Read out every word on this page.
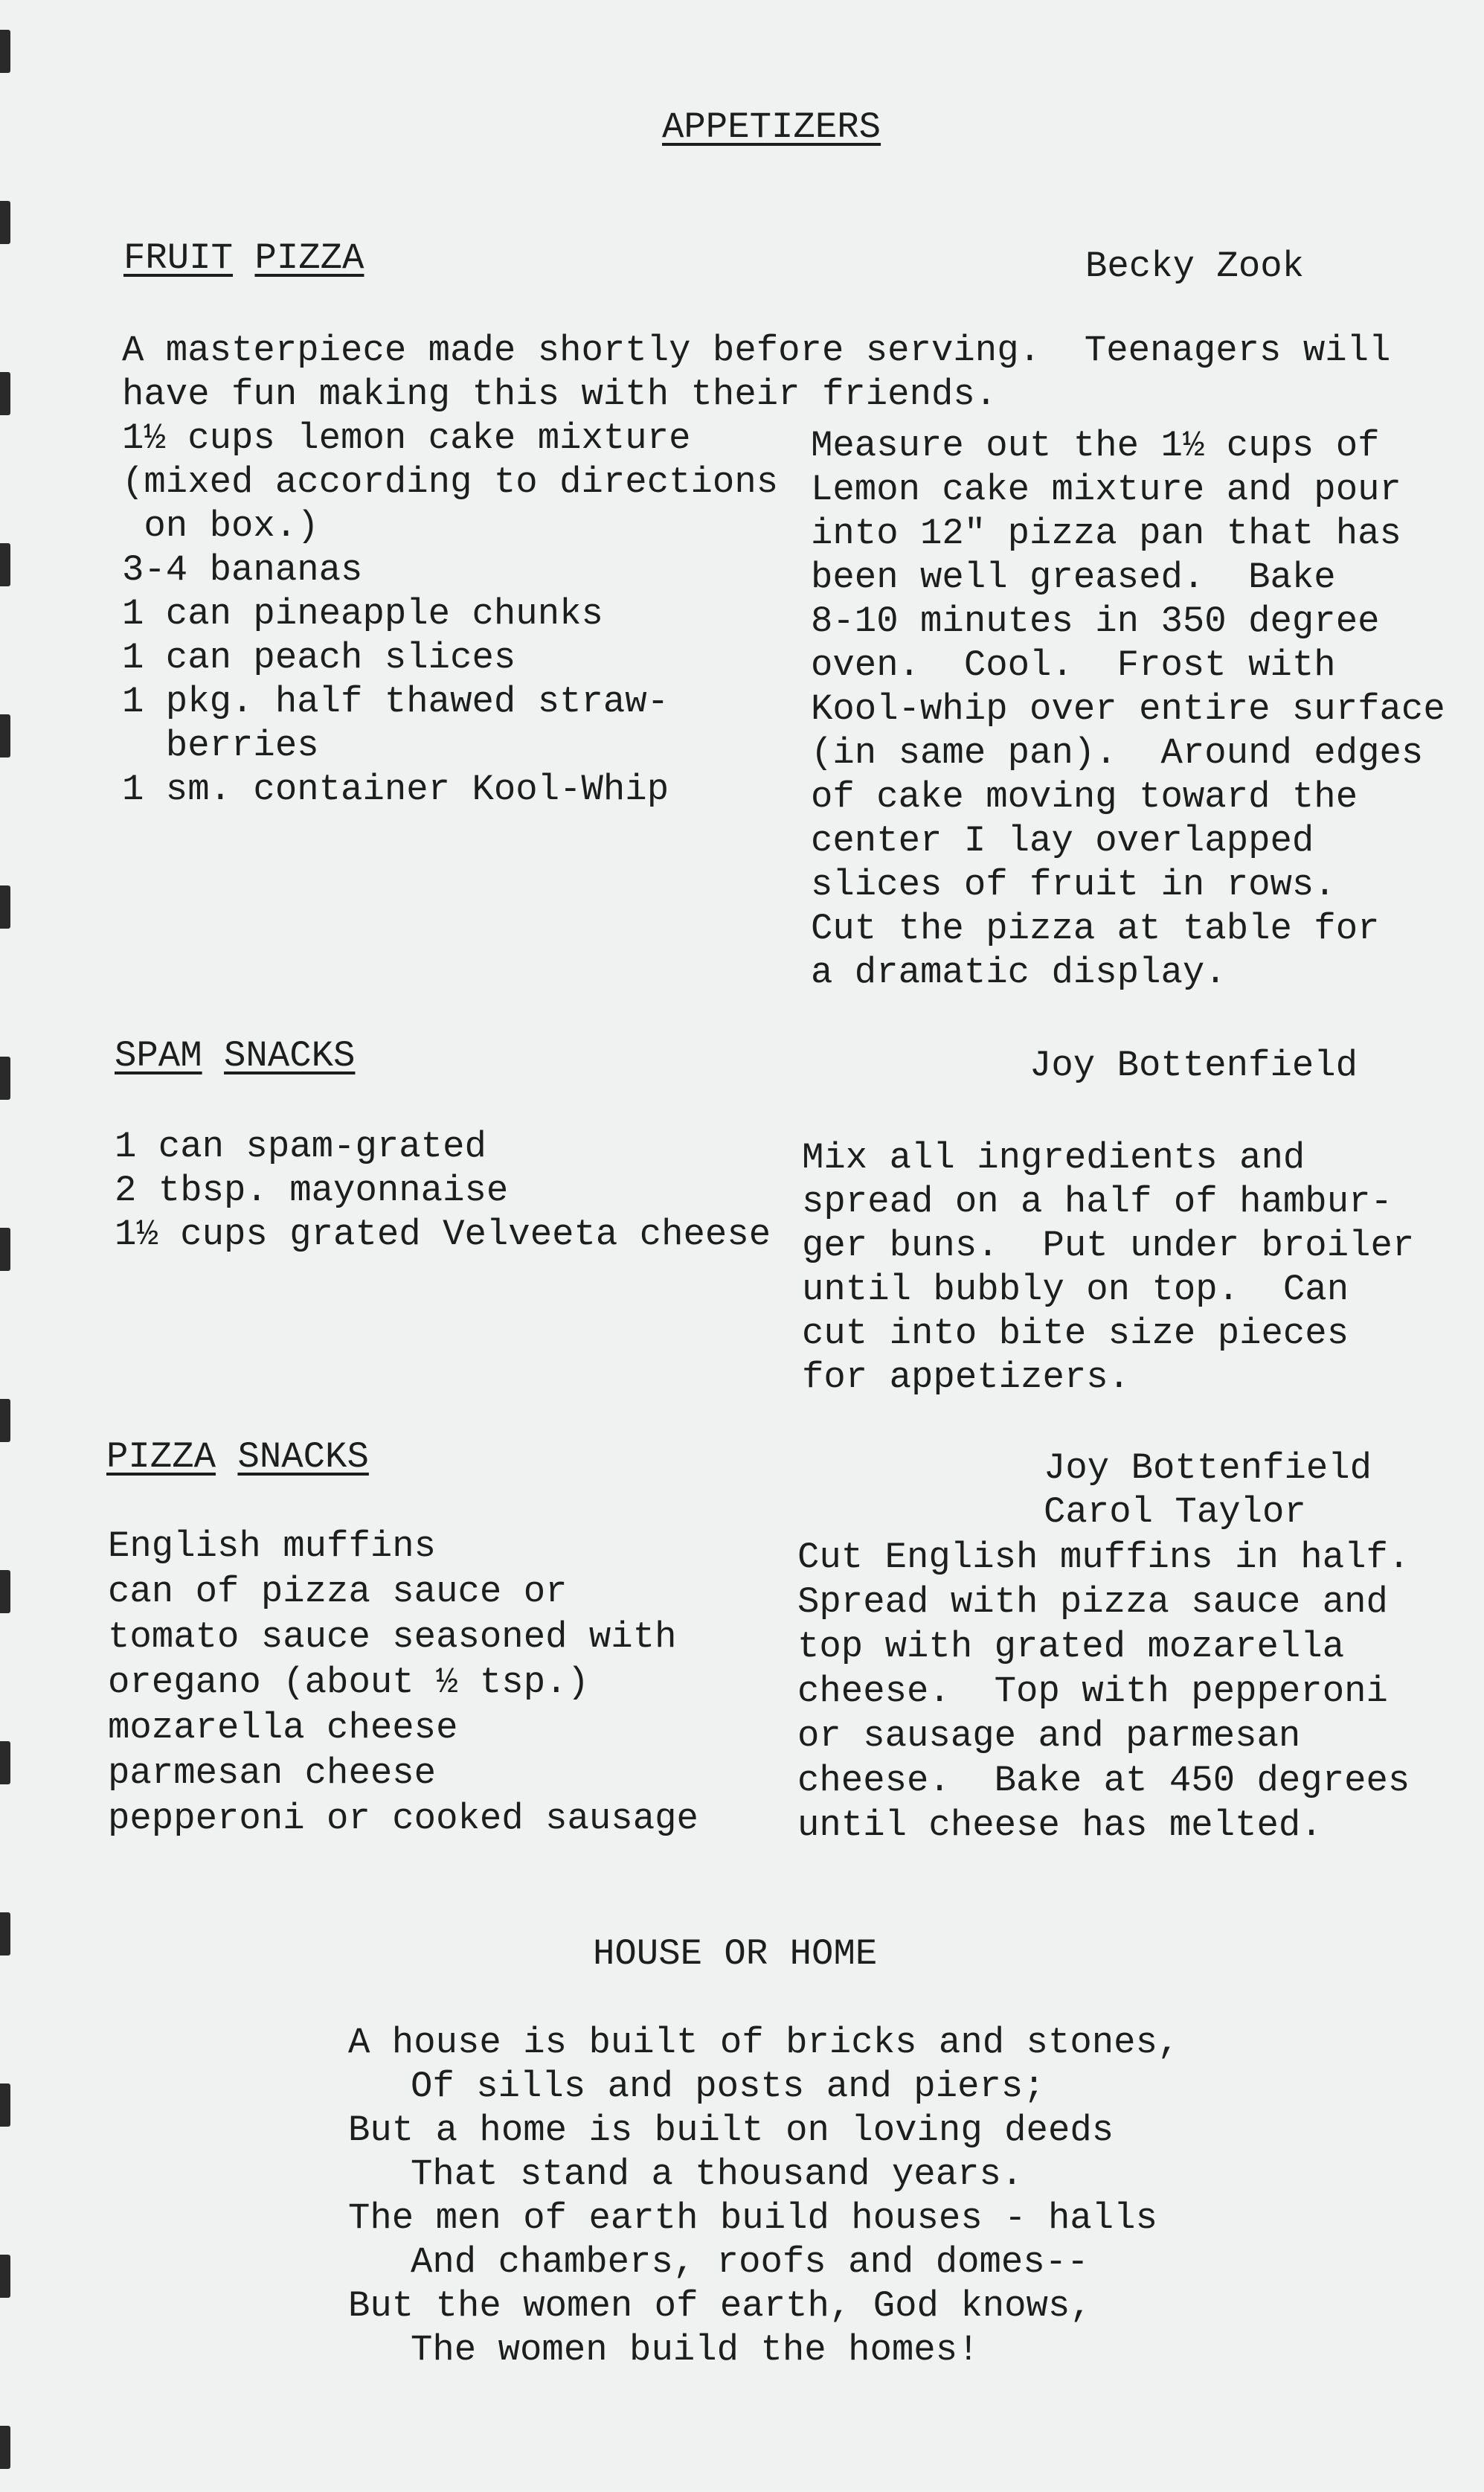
APPETIZERS
FRUIT PIZZA	Becky Zook
A masterpiece made shortly before serving.  Teenagers will
have fun making this with their friends.
1½ cups lemon cake mixture
(mixed according to directions
on box.)
3-4 bananas
1 can pineapple chunks
1 can peach slices
1 pkg. half thawed straw-
berries
1 sm. container Kool-Whip
Measure out the 1½ cups of
Lemon cake mixture and pour
into 12" pizza pan that has
been well greased.  Bake
8-10 minutes in 350 degree
oven.  Cool.  Frost with
Kool-whip over entire surface
(in same pan).  Around edges
of cake moving toward the
center I lay overlapped
slices of fruit in rows.
Cut the pizza at table for
a dramatic display.
SPAM SNACKS	Joy Bottenfield
1 can spam-grated
2 tbsp. mayonnaise
1½ cups grated Velveeta cheese
Mix all ingredients and
spread on a half of hambur-
ger buns.  Put under broiler
until bubbly on top.  Can
cut into bite size pieces
for appetizers.
PIZZA SNACKS	Joy Bottenfield
Carol Taylor
English muffins
can of pizza sauce or
tomato sauce seasoned with
oregano (about ½ tsp.)
mozarella cheese
parmesan cheese
pepperoni or cooked sausage
Cut English muffins in half.
Spread with pizza sauce and
top with grated mozarella
cheese.  Top with pepperoni
or sausage and parmesan
cheese.  Bake at 450 degrees
until cheese has melted.
HOUSE OR HOME
A house is built of bricks and stones,
Of sills and posts and piers;
But a home is built on loving deeds
That stand a thousand years.
The men of earth build houses - halls
And chambers, roofs and domes--
But the women of earth, God knows,
The women build the homes!
